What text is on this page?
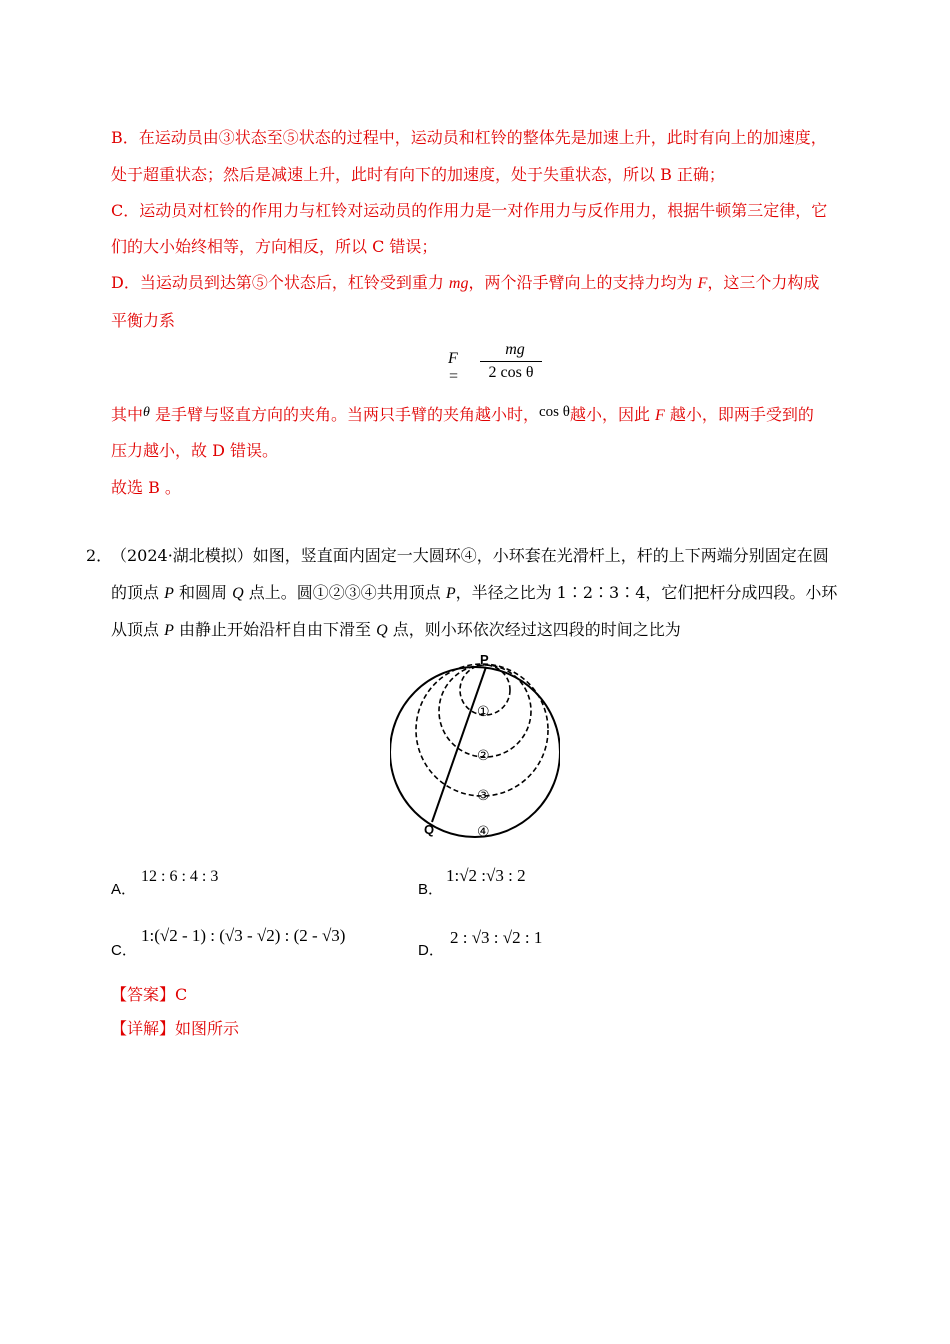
B．在运动员由③状态至⑤状态的过程中，运动员和杠铃的整体先是加速上升，此时有向上的加速度，
处于超重状态；然后是减速上升，此时有向下的加速度，处于失重状态，所以 B 正确；
C．运动员对杠铃的作用力与杠铃对运动员的作用力是一对作用力与反作用力，根据牛顿第三定律，它
们的大小始终相等，方向相反，所以 C 错误；
D．当运动员到达第⑤个状态后，杠铃受到重力 mg，两个沿手臂向上的支持力均为 F，这三个力构成
平衡力系
F =
mg
2 cos θ
其中θ 是手臂与竖直方向的夹角。当两只手臂的夹角越小时，cos θ越小，因此 F 越小，即两手受到的
压力越小，故 D 错误。
故选 B 。
2．
（2024·湖北模拟）如图，竖直面内固定一大圆环④，小环套在光滑杆上，杆的上下两端分别固定在圆
的顶点 P 和圆周 Q 点上。圆①②③④共用顶点 P，半径之比为 1∶2∶3∶4，它们把杆分成四段。小环
从顶点 P 由静止开始沿杆自由下滑至 Q 点，则小环依次经过这四段的时间之比为
P
Q
①
②
③
④
A．
12 : 6 : 4 : 3
B．
1:√2 :√3 : 2
C．
1:(√2 - 1) : (√3 - √2) : (2 - √3)
D．
2 : √3 : √2 : 1
【答案】C
【详解】如图所示
